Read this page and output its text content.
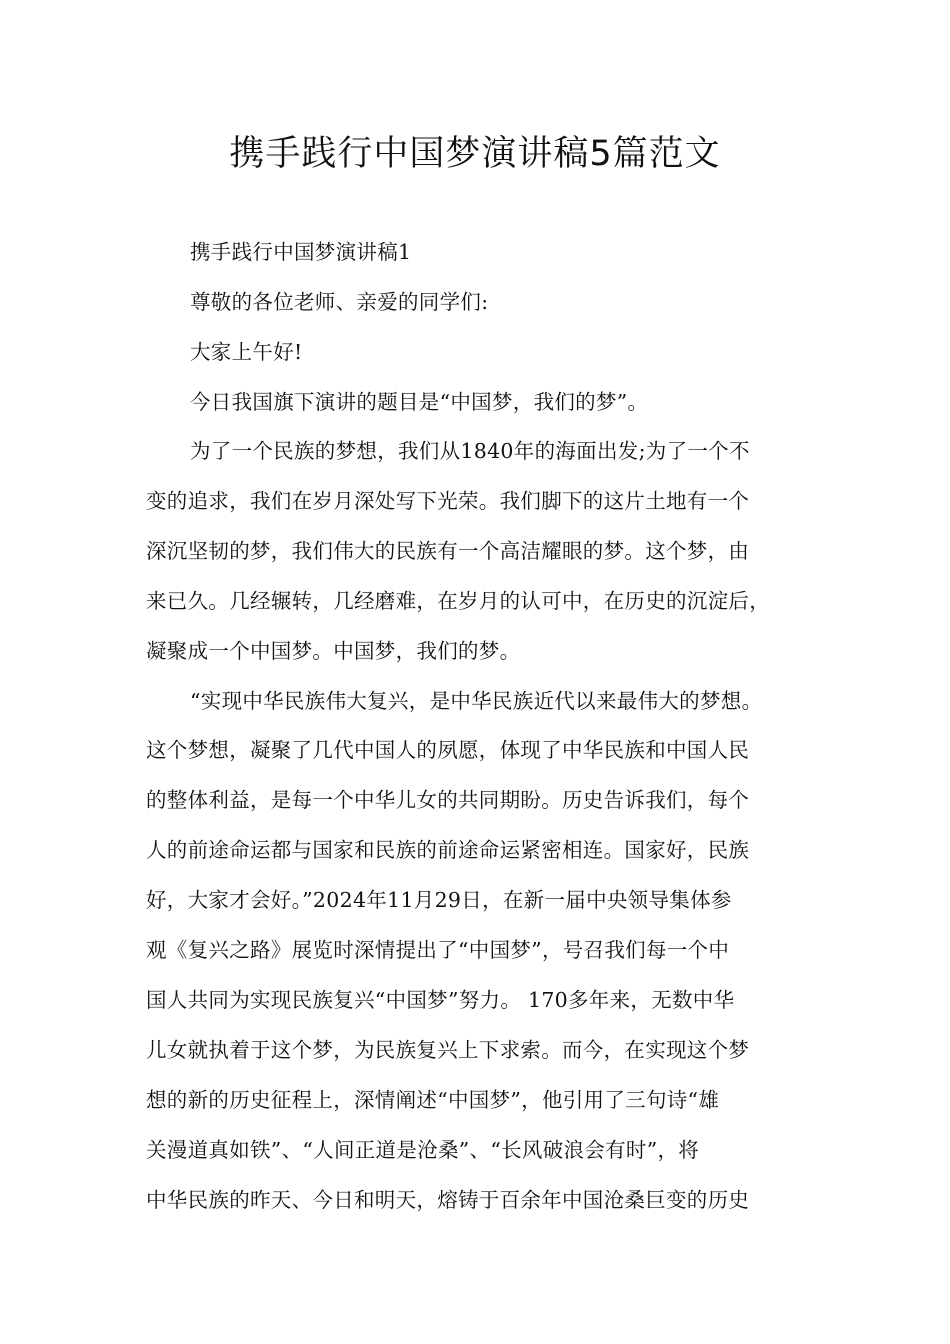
携手践行中国梦演讲稿5篇范文

携手践行中国梦演讲稿1

尊敬的各位老师、亲爱的同学们:

大家上午好!

今日我国旗下演讲的题目是“中国梦，我们的梦”。

为了一个民族的梦想，我们从1840年的海面出发;为了一个不

变的追求，我们在岁月深处写下光荣。我们脚下的这片土地有一个

深沉坚韧的梦，我们伟大的民族有一个高洁耀眼的梦。这个梦，由

来已久。几经辗转，几经磨难，在岁月的认可中，在历史的沉淀后，

凝聚成一个中国梦。中国梦，我们的梦。

“实现中华民族伟大复兴，是中华民族近代以来最伟大的梦想。

这个梦想，凝聚了几代中国人的夙愿，体现了中华民族和中国人民

的整体利益，是每一个中华儿女的共同期盼。历史告诉我们，每个

人的前途命运都与国家和民族的前途命运紧密相连。国家好，民族

好，大家才会好。”2024年11月29日，在新一届中央领导集体参

观《复兴之路》展览时深情提出了“中国梦”，号召我们每一个中

国人共同为实现民族复兴“中国梦”努力。 170多年来，无数中华

儿女就执着于这个梦，为民族复兴上下求索。而今，在实现这个梦

想的新的历史征程上，深情阐述“中国梦”，他引用了三句诗“雄

关漫道真如铁”、“人间正道是沧桑”、“长风破浪会有时”，将

中华民族的昨天、今日和明天，熔铸于百余年中国沧桑巨变的历史
